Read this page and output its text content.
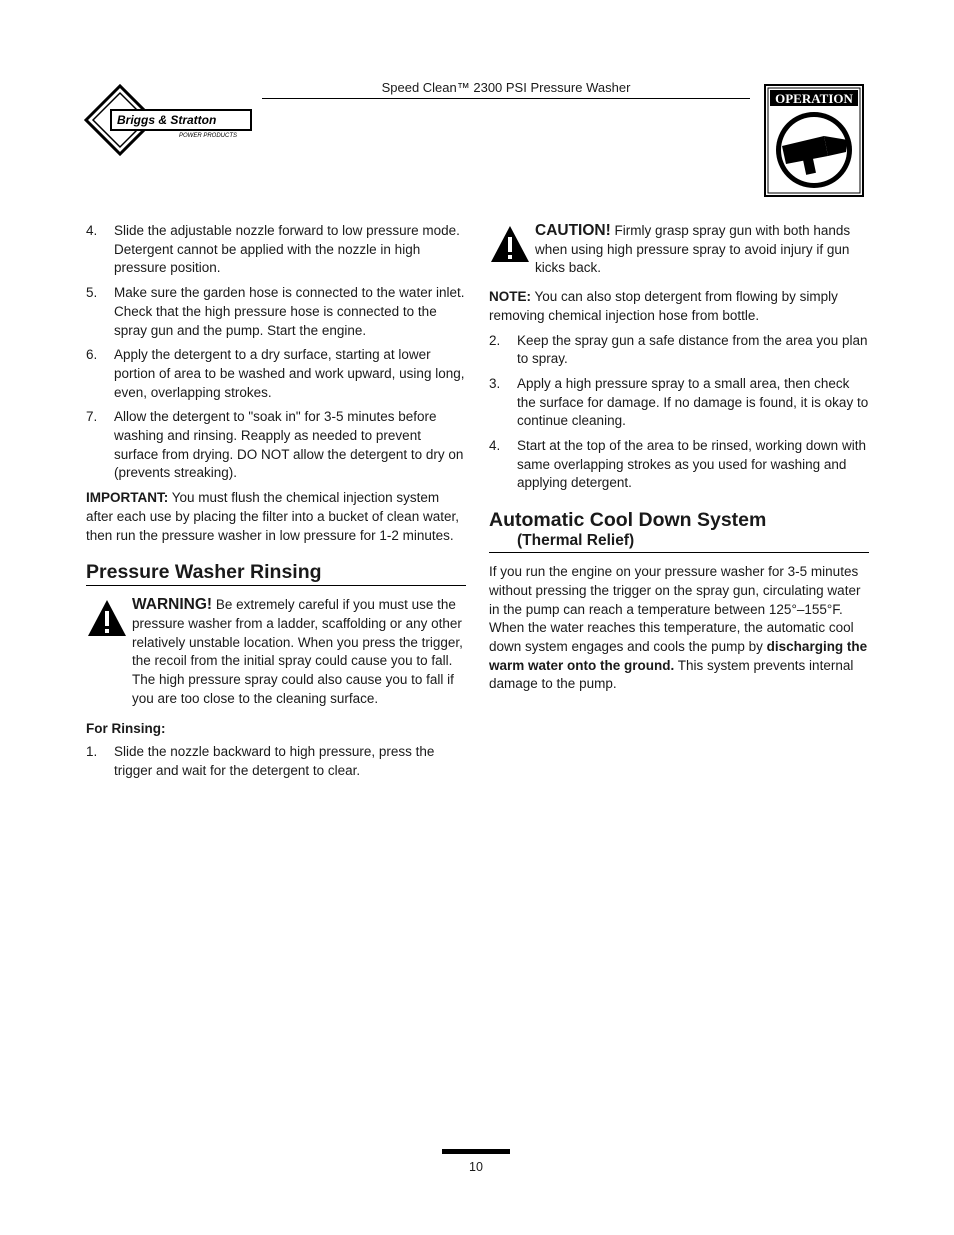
Briggs & Stratton
POWER PRODUCTS
Speed Clean™ 2300 PSI Pressure Washer
OPERATION
4. Slide the adjustable nozzle forward to low pressure mode. Detergent cannot be applied with the nozzle in high pressure position.
5. Make sure the garden hose is connected to the water inlet. Check that the high pressure hose is connected to the spray gun and the pump. Start the engine.
6. Apply the detergent to a dry surface, starting at lower portion of area to be washed and work upward, using long, even, overlapping strokes.
7. Allow the detergent to "soak in" for 3-5 minutes before washing and rinsing. Reapply as needed to prevent surface from drying. DO NOT allow the detergent to dry on (prevents streaking).

IMPORTANT: You must flush the chemical injection system after each use by placing the filter into a bucket of clean water, then run the pressure washer in low pressure for 1-2 minutes.

Pressure Washer Rinsing
WARNING! Be extremely careful if you must use the pressure washer from a ladder, scaffolding or any other relatively unstable location. When you press the trigger, the recoil from the initial spray could cause you to fall. The high pressure spray could also cause you to fall if you are too close to the cleaning surface.
For Rinsing:
1. Slide the nozzle backward to high pressure, press the trigger and wait for the detergent to clear.
CAUTION! Firmly grasp spray gun with both hands when using high pressure spray to avoid injury if gun kicks back.

NOTE: You can also stop detergent from flowing by simply removing chemical injection hose from bottle.

2. Keep the spray gun a safe distance from the area you plan to spray.
3. Apply a high pressure spray to a small area, then check the surface for damage. If no damage is found, it is okay to continue cleaning.
4. Start at the top of the area to be rinsed, working down with same overlapping strokes as you used for washing and applying detergent.
Automatic Cool Down System
(Thermal Relief)

If you run the engine on your pressure washer for 3-5 minutes without pressing the trigger on the spray gun, circulating water in the pump can reach a temperature between 125°–155°F. When the water reaches this temperature, the automatic cool down system engages and cools the pump by discharging the warm water onto the ground. This system prevents internal damage to the pump.

10
